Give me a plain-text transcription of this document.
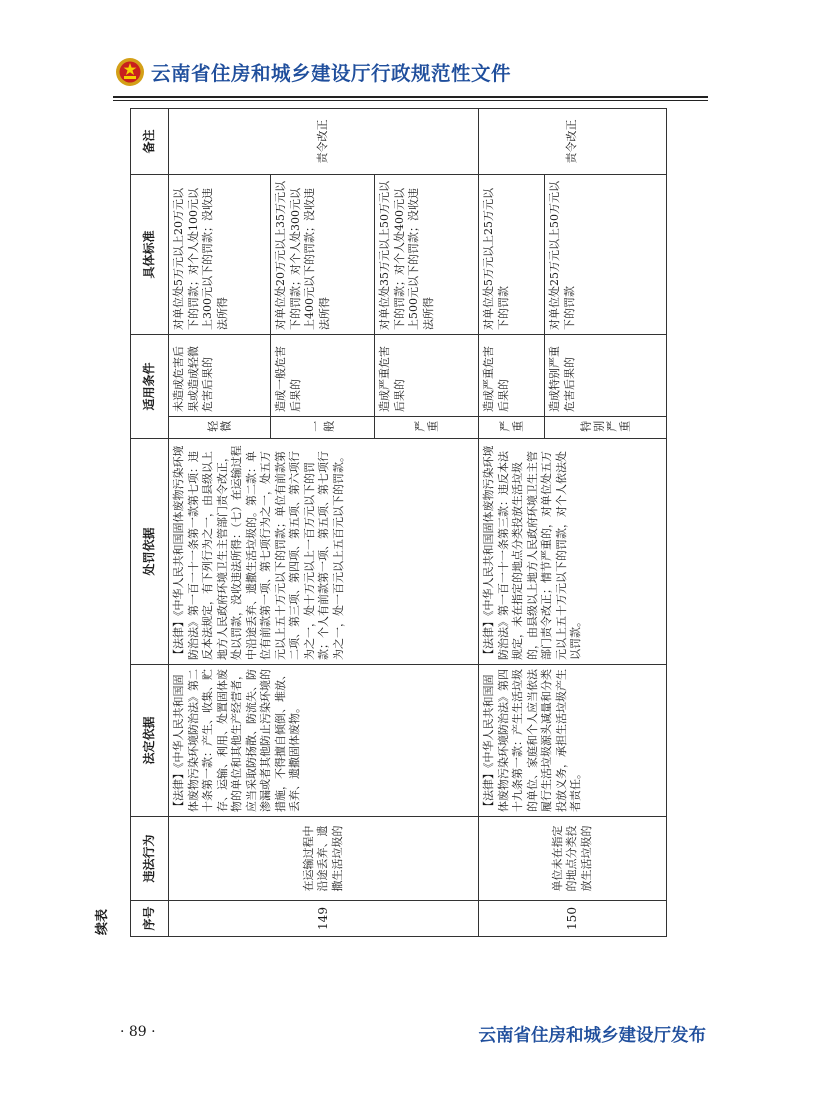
云南省住房和城乡建设厅行政规范性文件
续表	序号	违法行为	法定依据	处罚依据	适用条件		具体标准	备注
149	在运输过程中沿途丢弃、遗撒生活垃圾的	【法律】《中华人民共和国固体废物污染环境防治法》第二十条第一款：产生、收集、贮存、运输、利用、处置固体废物的单位和其他生产经营者，应当采取防扬散、防流失、防渗漏或者其他防止污染环境的措施，不得擅自倾倒、堆放、丢弃、遗撒固体废物。	【法律】《中华人民共和国固体废物污染环境防治法》第一百一十一条第一款第七项：违反本法规定，有下列行为之一，由县级以上地方人民政府环境卫生主管部门责令改正，处以罚款，没收违法所得：（七）在运输过程中沿途丢弃、遗撒生活垃圾的。第二款：单位有前款第一项、第七项行为之一，处五万元以上五十万元以下的罚款；单位有前款第二项、第三项、第四项、第五项、第六项行为之一，处十万元以上一百万元以下的罚款；个人有前款第一项、第五项、第七项行为之一，处一百元以上五百元以下的罚款。	轻微	未造成危害后果或造成轻微危害后果的	对单位处5万元以上20万元以下的罚款；对个人处100元以上300元以下的罚款；没收违法所得	责令改正
				一般	造成一般危害后果的	对单位处20万元以上35万元以下的罚款；对个人处300元以上400元以下的罚款；没收违法所得	
				严重	造成严重危害后果的	对单位处35万元以上50万元以下的罚款；对个人处400元以上500元以下的罚款；没收违法所得	
150	单位未在指定的地点分类投放生活垃圾的	【法律】《中华人民共和国固体废物污染环境防治法》第四十九条第一款：产生生活垃圾的单位、家庭和个人应当依法履行生活垃圾源头减量和分类投放义务，承担生活垃圾产生者责任。	【法律】《中华人民共和国固体废物污染环境防治法》第一百一十一条第三款：违反本法规定，未在指定的地点分类投放生活垃圾的，由县级以上地方人民政府环境卫生主管部门责令改正；情节严重的，对单位处五万元以上五十万元以下的罚款，对个人依法处以罚款。	严重	造成严重危害后果的	对单位处5万元以上25万元以下的罚款	责令改正
				特别严重	造成特别严重危害后果的	对单位处25万元以上50万元以下的罚款	
· 89 ·	云南省住房和城乡建设厅发布
